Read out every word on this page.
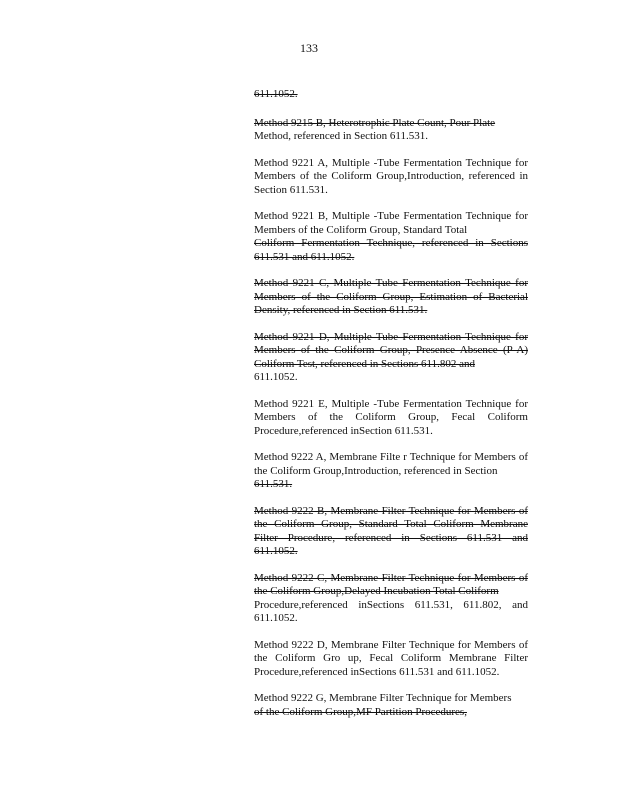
133

611.1052.

Method 9215 B, Heterotrophic Plate Count, Pour Plate

Method, referenced in Section 611.531.

Method 9221 A, Multiple -Tube Fermentation Technique for Members of the Coliform Group,Introduction, referenced in Section 611.531.

Method 9221 B, Multiple -Tube Fermentation Technique for Members of the Coliform Group, Standard Total

Coliform Fermentation Technique, referenced in Sections 611.531 and 611.1052.

Method 9221 C, Multiple Tube Fermentation Technique for Members of the Coliform Group, Estimation of Bacterial Density, referenced in Section 611.531.

Method 9221 D, Multiple Tube Fermentation Technique for Members of the Coliform Group, Presence Absence (P-A) Coliform Test, referenced in Sections 611.802 and

611.1052.

Method 9221 E, Multiple -Tube Fermentation Technique for Members of the Coliform Group, Fecal Coliform Procedure,referenced inSection 611.531.

Method 9222 A, Membrane Filte r Technique for Members of the Coliform Group,Introduction, referenced in Section

611.531.

Method 9222 B, Membrane Filter Technique for Members of the Coliform Group, Standard Total Coliform Membrane Filter Procedure, referenced in Sections 611.531 and 611.1052.

Method 9222 C, Membrane Filter Technique for Members of the Coliform Group,Delayed Incubation Total Coliform

Procedure,referenced inSections 611.531, 611.802, and 611.1052.

Method 9222 D, Membrane Filter Technique for Members of the Coliform Gro up, Fecal Coliform Membrane Filter Procedure,referenced inSections 611.531 and 611.1052.

Method 9222 G, Membrane Filter Technique for Members

of the Coliform Group,MF Partition Procedures,
